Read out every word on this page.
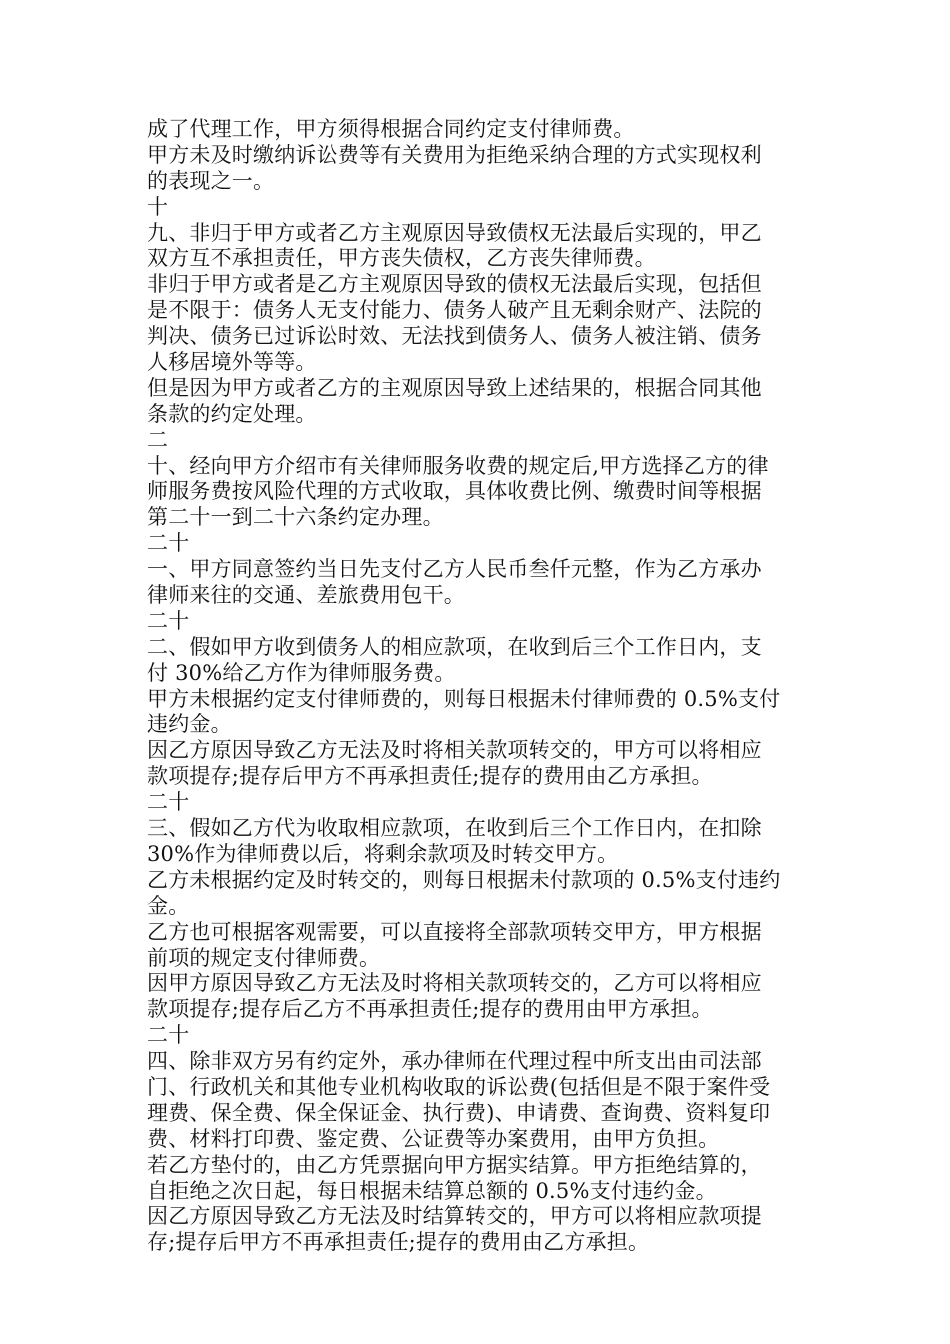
成了代理工作，甲方须得根据合同约定支付律师费。
甲方未及时缴纳诉讼费等有关费用为拒绝采纳合理的方式实现权利
的表现之一。
十
九、非归于甲方或者乙方主观原因导致债权无法最后实现的，甲乙
双方互不承担责任，甲方丧失债权，乙方丧失律师费。
非归于甲方或者是乙方主观原因导致的债权无法最后实现，包括但
是不限于：债务人无支付能力、债务人破产且无剩余财产、法院的
判决、债务已过诉讼时效、无法找到债务人、债务人被注销、债务
人移居境外等等。
但是因为甲方或者乙方的主观原因导致上述结果的，根据合同其他
条款的约定处理。
二
十、经向甲方介绍市有关律师服务收费的规定后,甲方选择乙方的律
师服务费按风险代理的方式收取，具体收费比例、缴费时间等根据
第二十一到二十六条约定办理。
二十
一、甲方同意签约当日先支付乙方人民币叁仟元整，作为乙方承办
律师来往的交通、差旅费用包干。
二十
二、假如甲方收到债务人的相应款项，在收到后三个工作日内，支
付 30%给乙方作为律师服务费。
甲方未根据约定支付律师费的，则每日根据未付律师费的 0.5%支付
违约金。
因乙方原因导致乙方无法及时将相关款项转交的，甲方可以将相应
款项提存;提存后甲方不再承担责任;提存的费用由乙方承担。
二十
三、假如乙方代为收取相应款项，在收到后三个工作日内，在扣除
30%作为律师费以后，将剩余款项及时转交甲方。
乙方未根据约定及时转交的，则每日根据未付款项的 0.5%支付违约
金。
乙方也可根据客观需要，可以直接将全部款项转交甲方，甲方根据
前项的规定支付律师费。
因甲方原因导致乙方无法及时将相关款项转交的，乙方可以将相应
款项提存;提存后乙方不再承担责任;提存的费用由甲方承担。
二十
四、除非双方另有约定外，承办律师在代理过程中所支出由司法部
门、行政机关和其他专业机构收取的诉讼费(包括但是不限于案件受
理费、保全费、保全保证金、执行费)、申请费、查询费、资料复印
费、材料打印费、鉴定费、公证费等办案费用，由甲方负担。
若乙方垫付的，由乙方凭票据向甲方据实结算。甲方拒绝结算的，
自拒绝之次日起，每日根据未结算总额的 0.5%支付违约金。
因乙方原因导致乙方无法及时结算转交的，甲方可以将相应款项提
存;提存后甲方不再承担责任;提存的费用由乙方承担。
